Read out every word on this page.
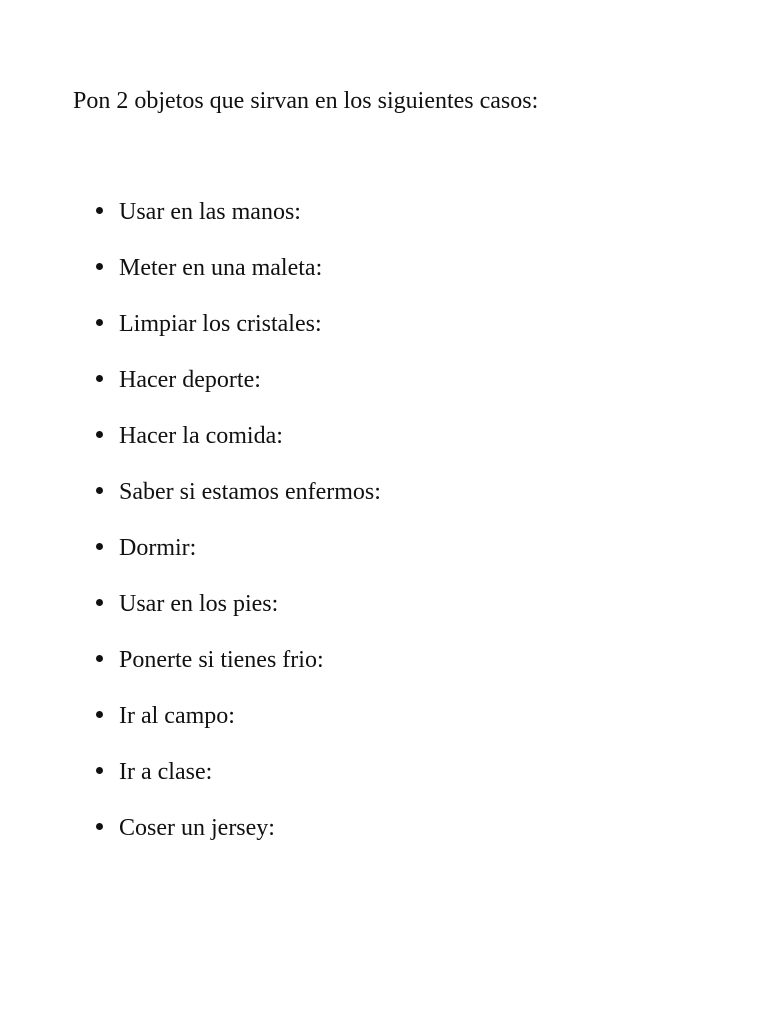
Pon 2 objetos que sirvan en los siguientes casos:

Usar en las manos:
Meter en una maleta:
Limpiar los cristales:
Hacer deporte:
Hacer la comida:
Saber si estamos enfermos:
Dormir:
Usar en los pies:
Ponerte si tienes frio:
Ir al campo:
Ir a clase:
Coser un jersey:
